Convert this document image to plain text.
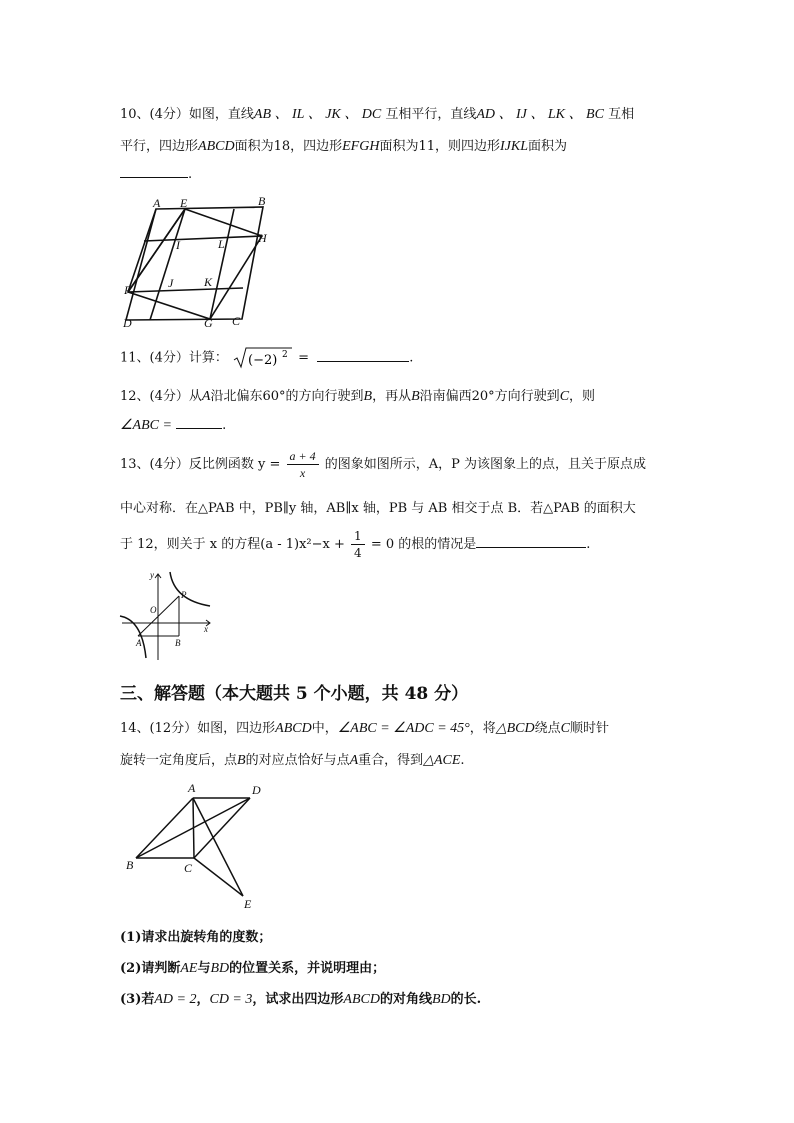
10、(4分）如图，直线AB 、 IL 、 JK 、 DC 互相平行，直线AD 、 IJ 、 LK 、 BC 互相
平行，四边形ABCD面积为18，四边形EFGH面积为11，则四边形IJKL面积为
.
A E	B
I	L	H
F	J	K
D	G C
11、(4分）计算： (−2) 2 =	.
12、(4分）从A沿北偏东60°的方向行驶到B，再从B沿南偏西20°方向行驶到C，则
∠ABC =	.
13、(4分）反比例函数 $y = \frac{a + 4}{x}$ 的图象如图所示，A，P 为该图象上的点，且关于原点成
中心对称．在△PAB 中，PB∥y 轴，AB∥x 轴，PB 与 AB 相交于点 B．若△PAB 的面积大
于 12，则关于 x 的方程$(a - 1)x^2-x + \frac{1}{4} = 0$ 的根的情况是	.
y
O
P
A	B
x
三、解答题（本大题共 5 个小题，共 48 分）
14、(12分）如图，四边形ABCD中，∠ABC = ∠ADC = 45°，将△BCD绕点C顺时针
旋转一定角度后，点B的对应点恰好与点A重合，得到△ACE.
A	D
B	C
E
(1)请求出旋转角的度数；
(2)请判断AE与BD的位置关系，并说明理由；
(3)若AD = 2，CD = 3，试求出四边形ABCD的对角线BD的长.
